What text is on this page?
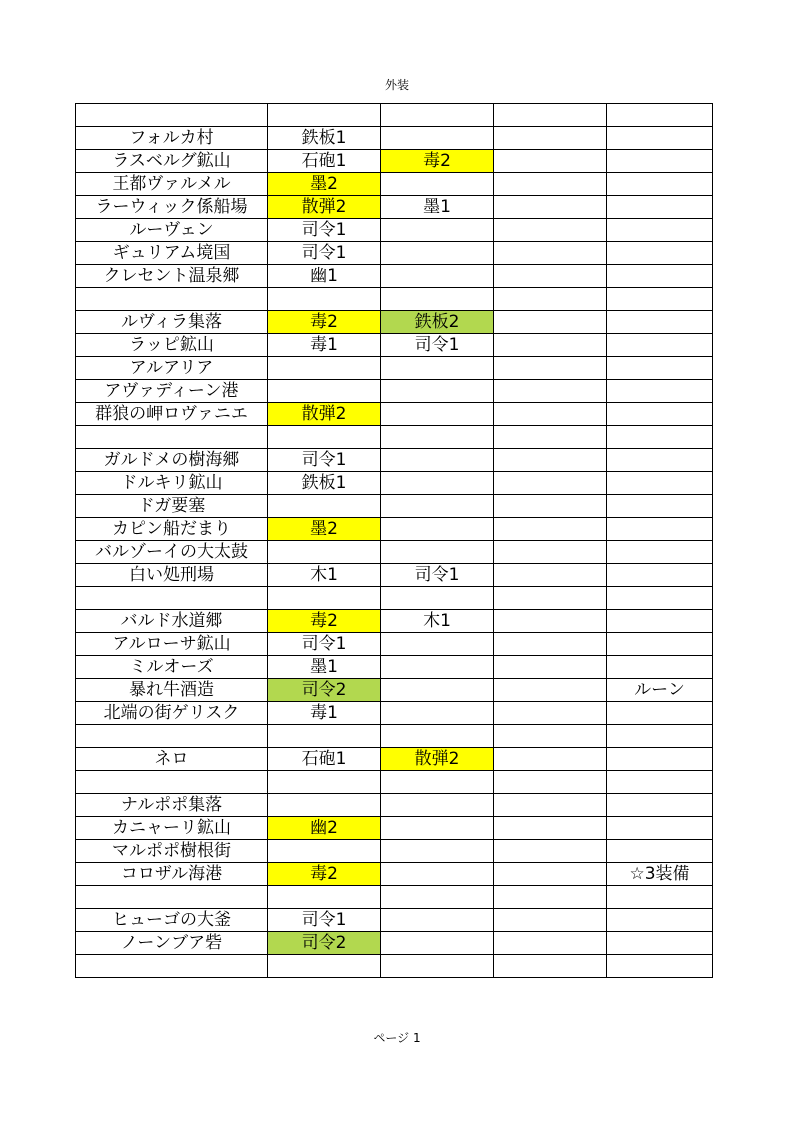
外装

フォルカ村	鉄板1			
ラスベルグ鉱山	石砲1	毒2		
王都ヴァルメル	墨2			
ラーウィック係船場	散弾2	墨1		
ルーヴェン	司令1			
ギュリアム境国	司令1			
クレセント温泉郷	幽1			

ルヴィラ集落	毒2	鉄板2		
ラッピ鉱山	毒1	司令1		
アルアリア				
アヴァディーン港				
群狼の岬ロヴァニエ	散弾2			

ガルドメの樹海郷	司令1			
ドルキリ鉱山	鉄板1			
ドガ要塞				
カピン船だまり	墨2			
バルゾーイの大太鼓				
白い処刑場	木1	司令1		

バルド水道郷	毒2	木1		
アルローサ鉱山	司令1			
ミルオーズ	墨1			
暴れ牛酒造	司令2			ルーン
北端の街ゲリスク	毒1			

ネロ	石砲1	散弾2		

ナルポポ集落				
カニャーリ鉱山	幽2			
マルポポ樹根街				
コロザル海港	毒2			☆3装備

ヒューゴの大釜	司令1			
ノーンブア砦	司令2			

ページ 1
